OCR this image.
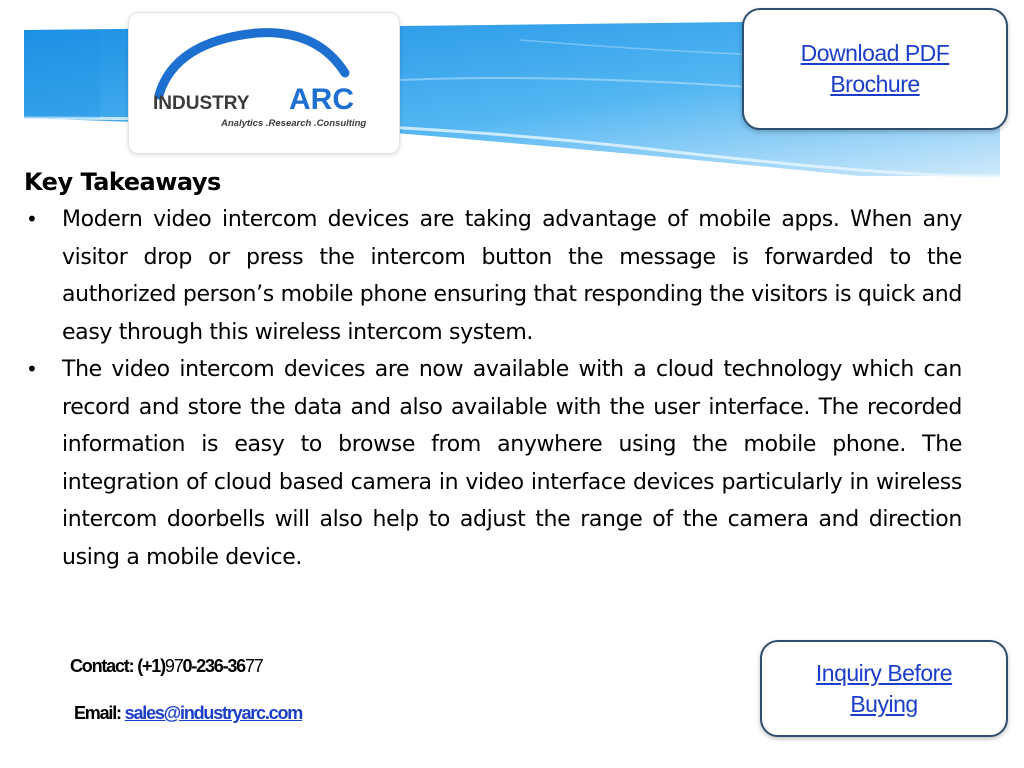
INDUSTRY ARC
Analytics .Research .Consulting
Download PDF
Brochure
Key Takeaways
• Modern video intercom devices are taking advantage of mobile apps. When any visitor drop or press the intercom button the message is forwarded to the authorized person’s mobile phone ensuring that responding the visitors is quick and easy through this wireless intercom system.
• The video intercom devices are now available with a cloud technology which can record and store the data and also available with the user interface. The recorded information is easy to browse from anywhere using the mobile phone. The integration of cloud based camera in video interface devices particularly in wireless intercom doorbells will also help to adjust the range of the camera and direction using a mobile device.
Contact: (+1)970-236-3677
Email: sales@industryarc.com
Inquiry Before
Buying
